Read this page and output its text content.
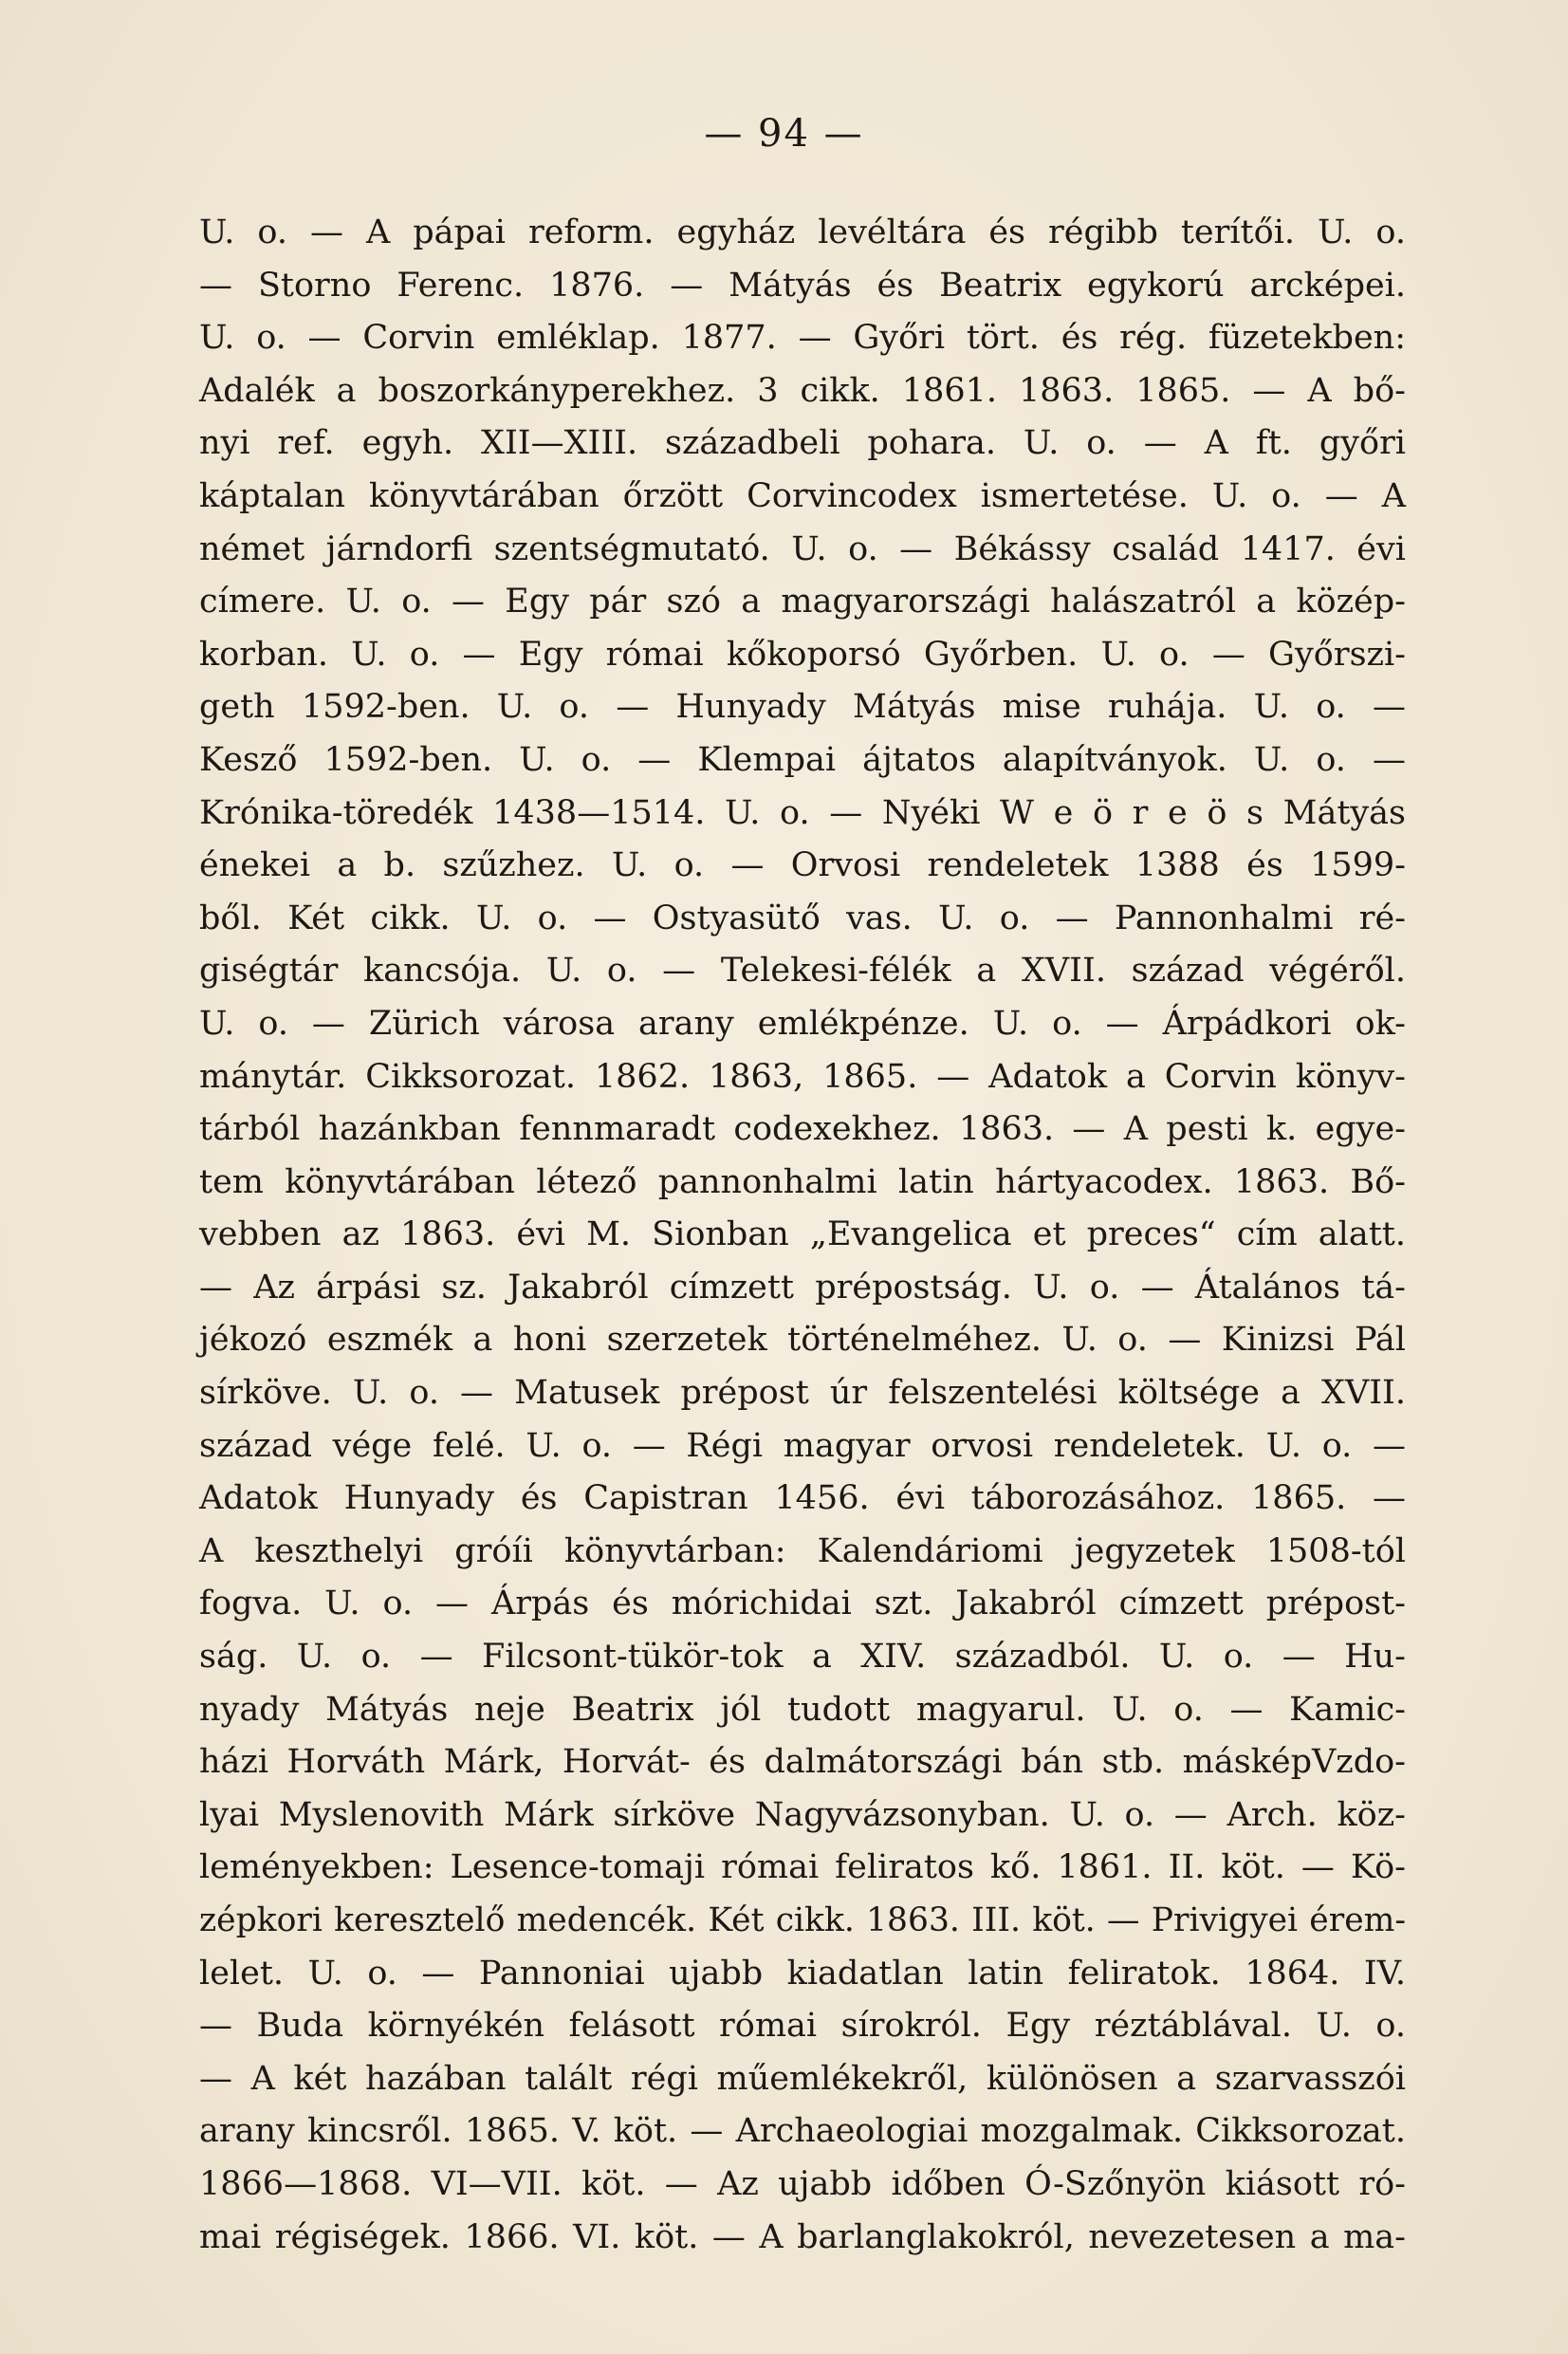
— 94 —
U. o. — A pápai reform. egyház levéltára és régibb terítői. U. o.
— Storno Ferenc. 1876. — Mátyás és Beatrix egykorú arcképei.
U. o. — Corvin emléklap. 1877. — Győri tört. és rég. füzetekben:
Adalék a boszorkányperekhez. 3 cikk. 1861. 1863. 1865. — A bő-
nyi ref. egyh. XII—XIII. századbeli pohara. U. o. — A ft. győri
káptalan könyvtárában őrzött Corvincodex ismertetése. U. o. — A
német járndorfi szentségmutató. U. o. — Békássy család 1417. évi
címere. U. o. — Egy pár szó a magyarországi halászatról a közép-
korban. U. o. — Egy római kőkoporsó Győrben. U. o. — Győrszi-
geth 1592-ben. U. o. — Hunyady Mátyás mise ruhája. U. o. —
Kesző 1592-ben. U. o. — Klempai ájtatos alapítványok. U. o. —
Krónika-töredék 1438—1514. U. o. — Nyéki W e ö r e ö s Mátyás
énekei a b. szűzhez. U. o. — Orvosi rendeletek 1388 és 1599-
ből. Két cikk. U. o. — Ostyasütő vas. U. o. — Pannonhalmi ré-
giségtár kancsója. U. o. — Telekesi-félék a XVII. század végéről.
U. o. — Zürich városa arany emlékpénze. U. o. — Árpádkori ok-
mánytár. Cikksorozat. 1862. 1863, 1865. — Adatok a Corvin könyv-
tárból hazánkban fennmaradt codexekhez. 1863. — A pesti k. egye-
tem könyvtárában létező pannonhalmi latin hártyacodex. 1863. Bő-
vebben az 1863. évi M. Sionban „Evangelica et preces“ cím alatt.
— Az árpási sz. Jakabról címzett prépostság. U. o. — Átalános tá-
jékozó eszmék a honi szerzetek történelméhez. U. o. — Kinizsi Pál
sírköve. U. o. — Matusek prépost úr felszentelési költsége a XVII.
század vége felé. U. o. — Régi magyar orvosi rendeletek. U. o. —
Adatok Hunyady és Capistran 1456. évi táborozásához. 1865. —
A keszthelyi gróíi könyvtárban: Kalendáriomi jegyzetek 1508-tól
fogva. U. o. — Árpás és mórichidai szt. Jakabról címzett prépost-
ság. U. o. — Filcsont-tükör-tok a XIV. századból. U. o. — Hu-
nyady Mátyás neje Beatrix jól tudott magyarul. U. o. — Kamic-
házi Horváth Márk, Horvát- és dalmátországi bán stb. másképVzdo-
lyai Myslenovith Márk sírköve Nagyvázsonyban. U. o. — Arch. köz-
leményekben: Lesence-tomaji római feliratos kő. 1861. II. köt. — Kö-
zépkori keresztelő medencék. Két cikk. 1863. III. köt. — Privigyei érem-
lelet. U. o. — Pannoniai ujabb kiadatlan latin feliratok. 1864. IV.
— Buda környékén felásott római sírokról. Egy réztáblával. U. o.
— A két hazában talált régi műemlékekről, különösen a szarvasszói
arany kincsről. 1865. V. köt. — Archaeologiai mozgalmak. Cikksorozat.
1866—1868. VI—VII. köt. — Az ujabb időben Ó-Szőnyön kiásott ró-
mai régiségek. 1866. VI. köt. — A barlanglakokról, nevezetesen a ma-
